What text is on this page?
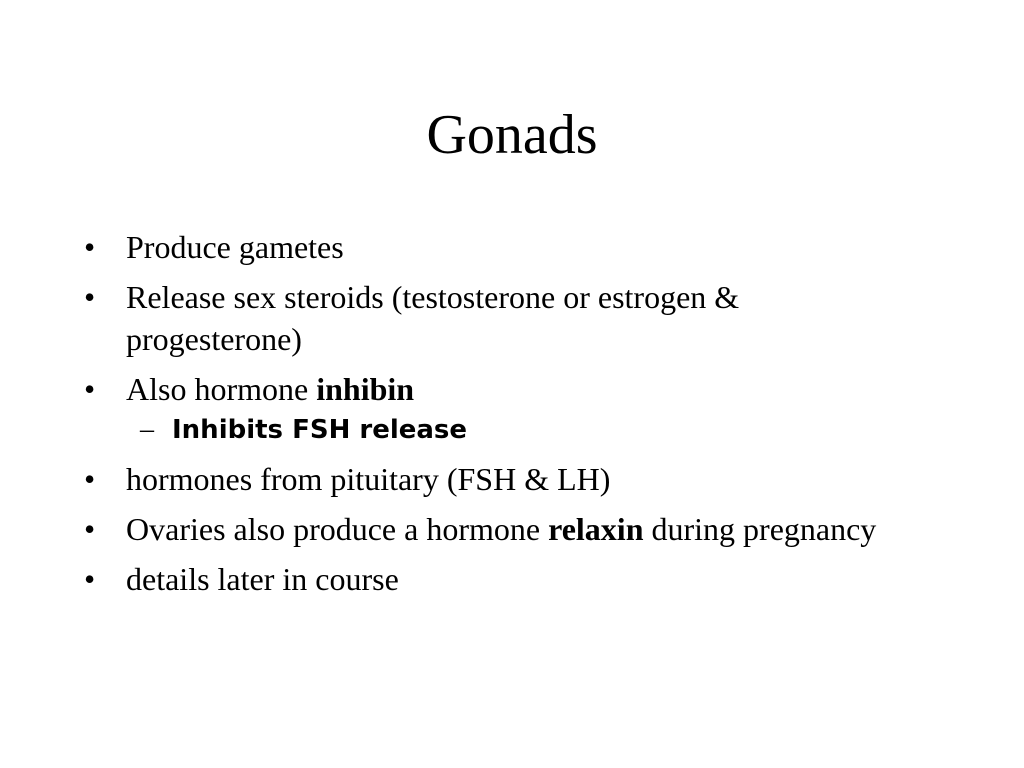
Gonads
• Produce gametes
• Release sex steroids (testosterone or estrogen & progesterone)
• Also hormone inhibin
– Inhibits FSH release
• hormones from pituitary (FSH & LH)
• Ovaries also produce a hormone relaxin during pregnancy
• details later in course
